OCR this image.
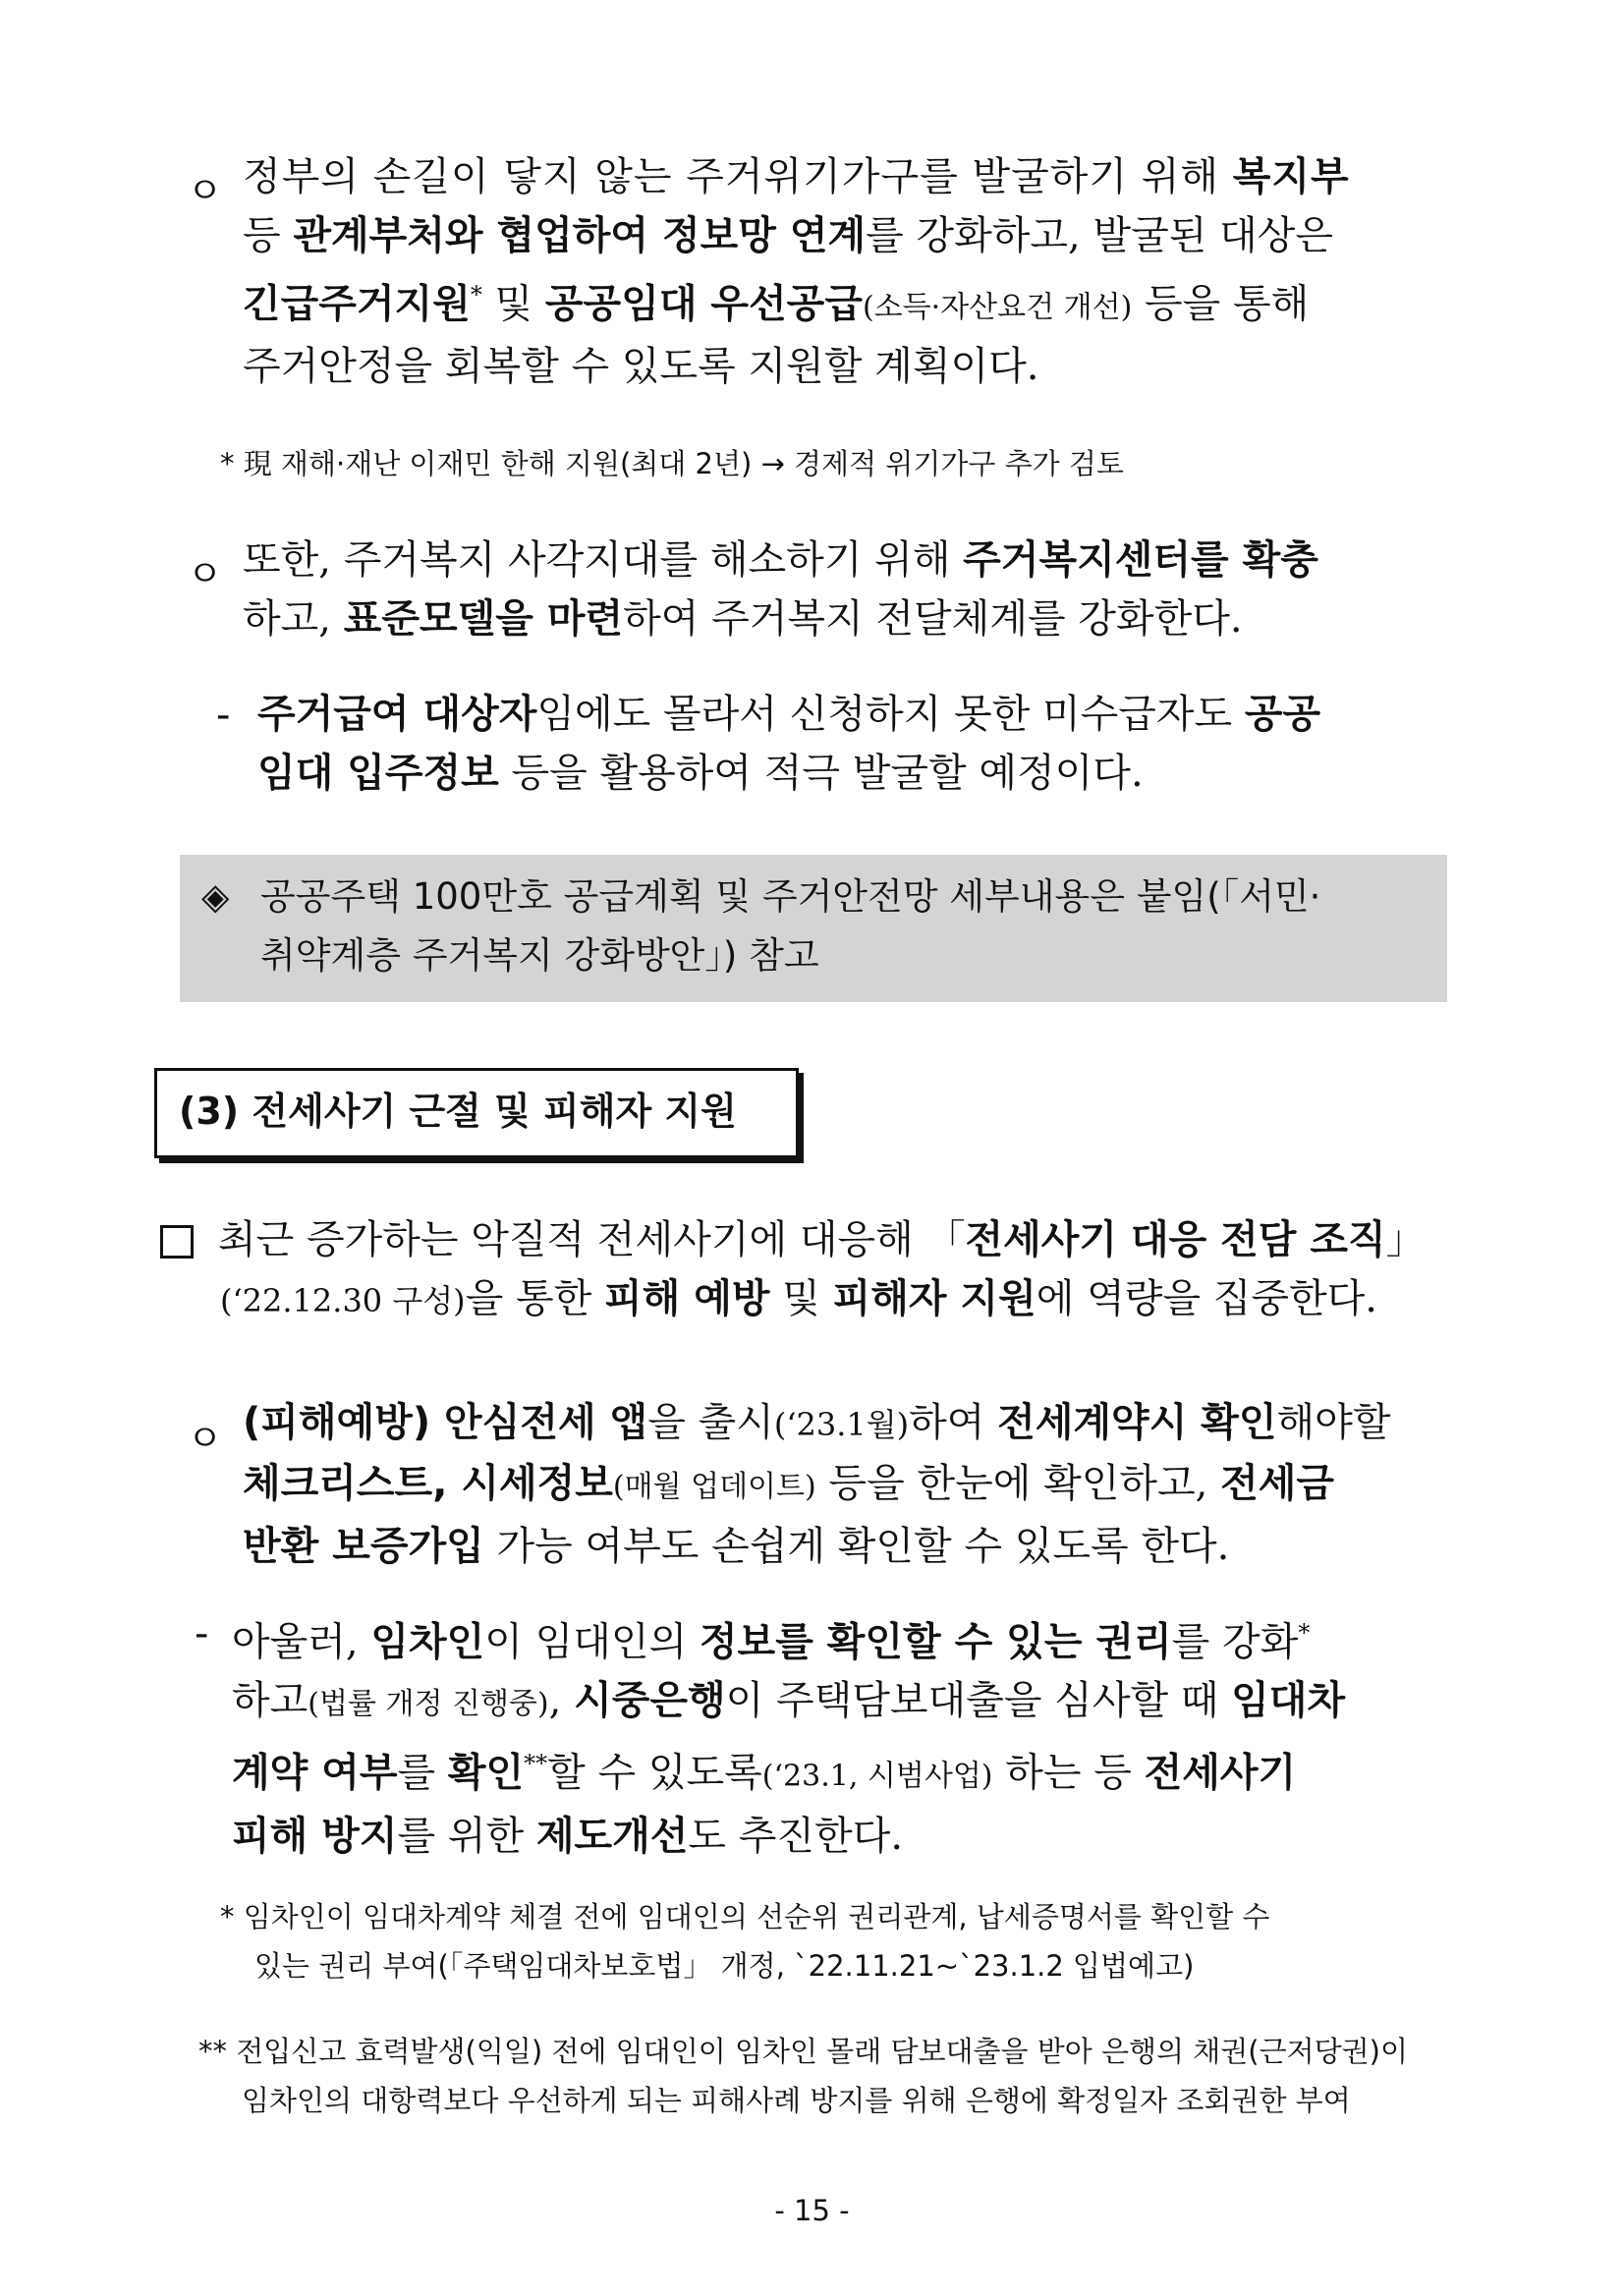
ㅇ 정부의 손길이 닿지 않는 주거위기가구를 발굴하기 위해 복지부
등 관계부처와 협업하여 정보망 연계를 강화하고, 발굴된 대상은
긴급주거지원* 및 공공임대 우선공급(소득·자산요건 개선) 등을 통해
주거안정을 회복할 수 있도록 지원할 계획이다.
* 現 재해·재난 이재민 한해 지원(최대 2년) → 경제적 위기가구 추가 검토
ㅇ 또한, 주거복지 사각지대를 해소하기 위해 주거복지센터를 확충
하고, 표준모델을 마련하여 주거복지 전달체계를 강화한다.
- 주거급여 대상자임에도 몰라서 신청하지 못한 미수급자도 공공
임대 입주정보 등을 활용하여 적극 발굴할 예정이다.
◈ 공공주택 100만호 공급계획 및 주거안전망 세부내용은 붙임(「서민·
취약계층 주거복지 강화방안」) 참고
(3) 전세사기 근절 및 피해자 지원
최근 증가하는 악질적 전세사기에 대응해 「전세사기 대응 전담 조직」
(‘22.12.30 구성)을 통한 피해 예방 및 피해자 지원에 역량을 집중한다.
ㅇ (피해예방) 안심전세 앱을 출시(‘23.1월)하여 전세계약시 확인해야할
체크리스트, 시세정보(매월 업데이트) 등을 한눈에 확인하고, 전세금
반환 보증가입 가능 여부도 손쉽게 확인할 수 있도록 한다.
- 아울러, 임차인이 임대인의 정보를 확인할 수 있는 권리를 강화*
하고(법률 개정 진행중), 시중은행이 주택담보대출을 심사할 때 임대차
계약 여부를 확인**할 수 있도록(‘23.1, 시범사업) 하는 등 전세사기
피해 방지를 위한 제도개선도 추진한다.
* 임차인이 임대차계약 체결 전에 임대인의 선순위 권리관계, 납세증명서를 확인할 수
있는 권리 부여(「주택임대차보호법」 개정, `22.11.21~`23.1.2 입법예고)
** 전입신고 효력발생(익일) 전에 임대인이 임차인 몰래 담보대출을 받아 은행의 채권(근저당권)이
임차인의 대항력보다 우선하게 되는 피해사례 방지를 위해 은행에 확정일자 조회권한 부여
- 15 -
